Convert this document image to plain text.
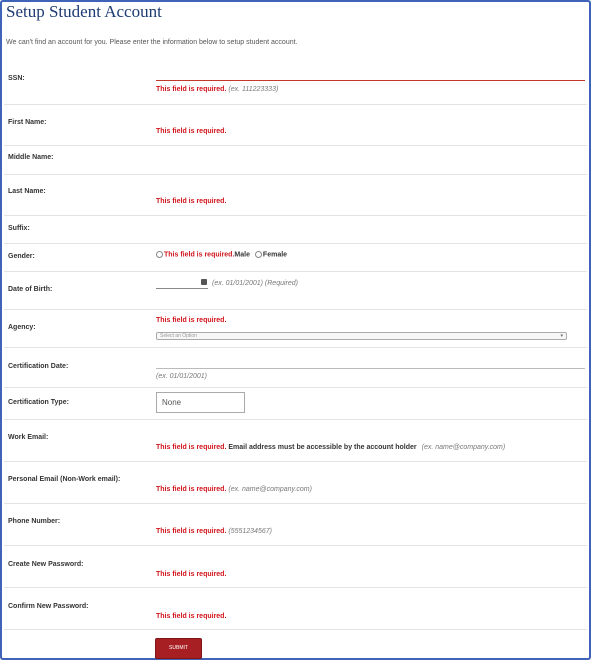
Setup Student Account
We can't find an account for you. Please enter the information below to setup student account.
SSN:
This field is required. (ex. 111223333)
First Name:
This field is required.
Middle Name:
Last Name:
This field is required.
Suffix:
Gender:	This field is required.Male Female
Date of Birth:
(ex. 01/01/2001) (Required)
Agency:
This field is required.
Select an Option	▾
Certification Date:
(ex. 01/01/2001)
Certification Type:	None
Work Email:
This field is required. Email address must be accessible by the account holder (ex. name@company.com)
Personal Email (Non-Work email):
This field is required. (ex. name@company.com)
Phone Number:
This field is required. (5551234567)
Create New Password:
This field is required.
Confirm New Password:
This field is required.
SUBMIT
